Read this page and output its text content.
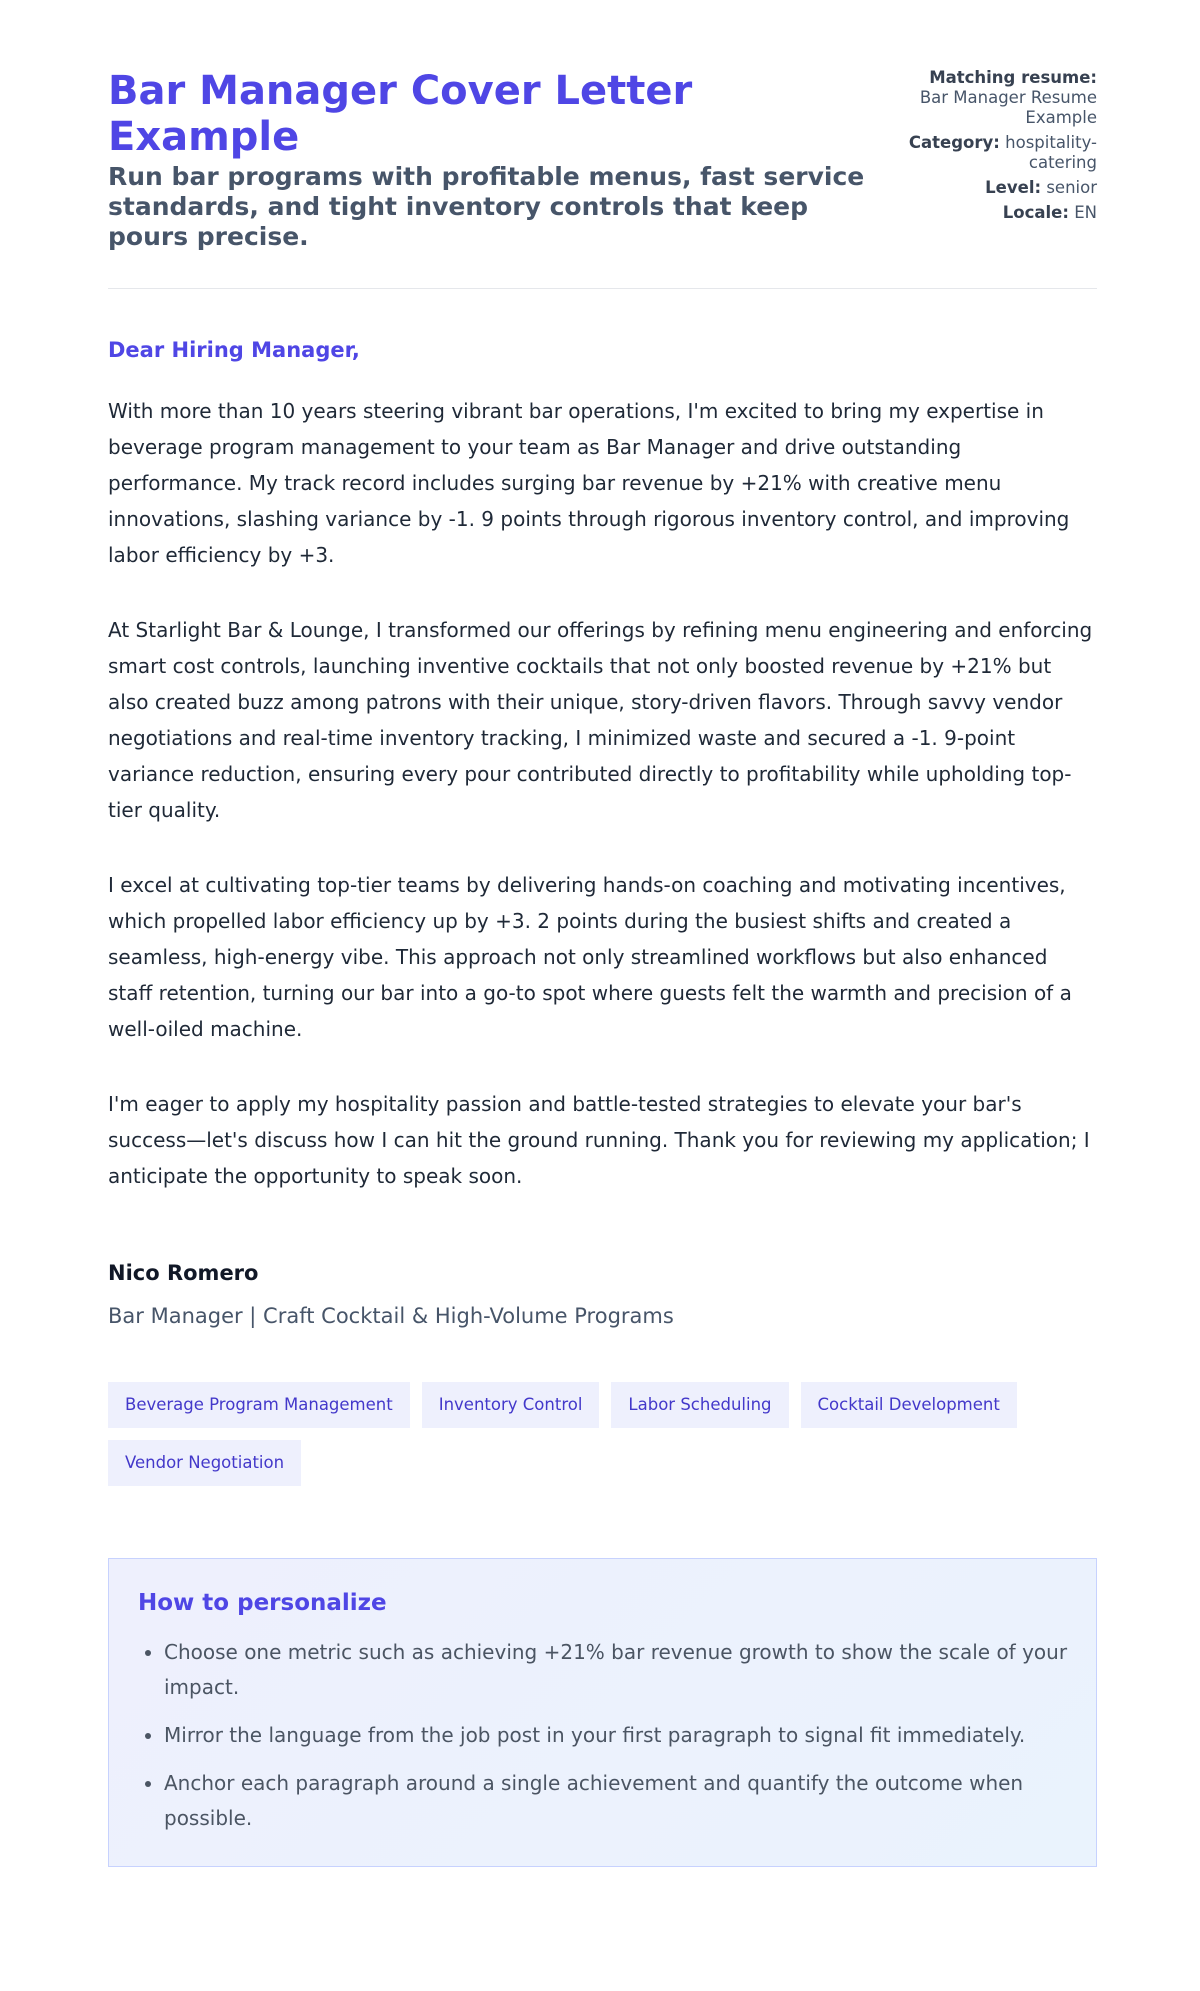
Bar Manager Cover Letter Example

Run bar programs with profitable menus, fast service standards, and tight inventory controls that keep pours precise.

Matching resume:
Bar Manager Resume Example
Category: hospitality-catering
Level: senior
Locale: EN

Dear Hiring Manager,

With more than 10 years steering vibrant bar operations, I'm excited to bring my expertise in beverage program management to your team as Bar Manager and drive outstanding performance. My track record includes surging bar revenue by +21% with creative menu innovations, slashing variance by -1. 9 points through rigorous inventory control, and improving labor efficiency by +3.

At Starlight Bar & Lounge, I transformed our offerings by refining menu engineering and enforcing smart cost controls, launching inventive cocktails that not only boosted revenue by +21% but also created buzz among patrons with their unique, story-driven flavors. Through savvy vendor negotiations and real-time inventory tracking, I minimized waste and secured a -1. 9-point variance reduction, ensuring every pour contributed directly to profitability while upholding top-tier quality.

I excel at cultivating top-tier teams by delivering hands-on coaching and motivating incentives, which propelled labor efficiency up by +3. 2 points during the busiest shifts and created a seamless, high-energy vibe. This approach not only streamlined workflows but also enhanced staff retention, turning our bar into a go-to spot where guests felt the warmth and precision of a well-oiled machine.

I'm eager to apply my hospitality passion and battle-tested strategies to elevate your bar's success—let's discuss how I can hit the ground running. Thank you for reviewing my application; I anticipate the opportunity to speak soon.

Nico Romero

Bar Manager | Craft Cocktail & High-Volume Programs

Beverage Program Management	Inventory Control	Labor Scheduling	Cocktail Development
Vendor Negotiation
How to personalize
• Choose one metric such as achieving +21% bar revenue growth to show the scale of your impact.
• Mirror the language from the job post in your first paragraph to signal fit immediately.
• Anchor each paragraph around a single achievement and quantify the outcome when possible.
